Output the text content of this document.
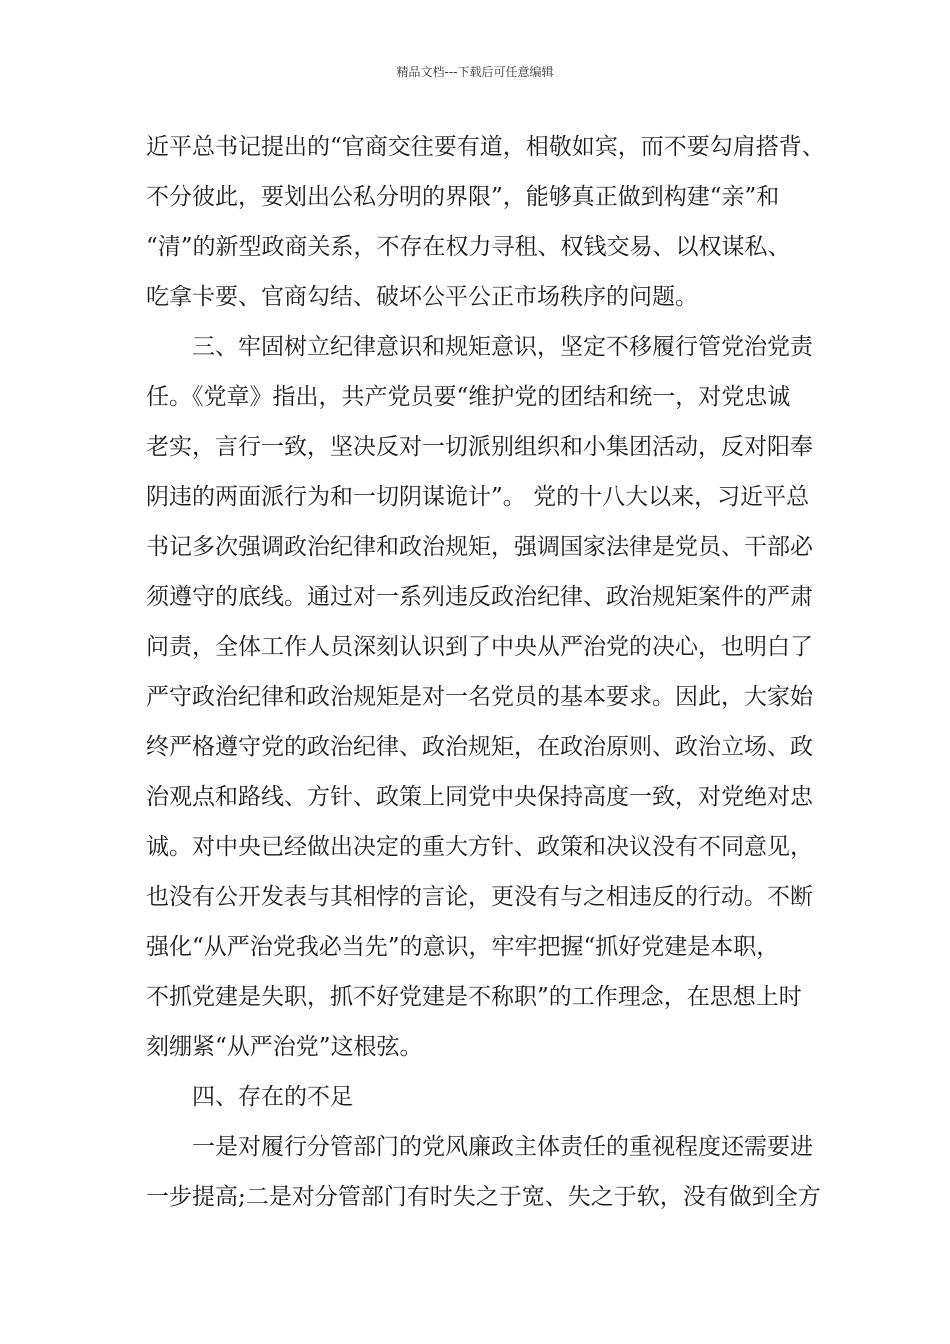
精品文档---下载后可任意编辑
近平总书记提出的“官商交往要有道，相敬如宾，而不要勾肩搭背、
不分彼此，要划出公私分明的界限”，能够真正做到构建“亲”和
“清”的新型政商关系，不存在权力寻租、权钱交易、以权谋私、
吃拿卡要、官商勾结、破坏公平公正市场秩序的问题。
三、牢固树立纪律意识和规矩意识，坚定不移履行管党治党责
任。《党章》指出，共产党员要“维护党的团结和统一，对党忠诚
老实，言行一致，坚决反对一切派别组织和小集团活动，反对阳奉
阴违的两面派行为和一切阴谋诡计”。 党的十八大以来，习近平总
书记多次强调政治纪律和政治规矩，强调国家法律是党员、干部必
须遵守的底线。通过对一系列违反政治纪律、政治规矩案件的严肃
问责，全体工作人员深刻认识到了中央从严治党的决心，也明白了
严守政治纪律和政治规矩是对一名党员的基本要求。因此，大家始
终严格遵守党的政治纪律、政治规矩，在政治原则、政治立场、政
治观点和路线、方针、政策上同党中央保持高度一致，对党绝对忠
诚。对中央已经做出决定的重大方针、政策和决议没有不同意见，
也没有公开发表与其相悖的言论，更没有与之相违反的行动。不断
强化“从严治党我必当先”的意识，牢牢把握“抓好党建是本职，
不抓党建是失职，抓不好党建是不称职”的工作理念，在思想上时
刻绷紧“从严治党”这根弦。
四、存在的不足
一是对履行分管部门的党风廉政主体责任的重视程度还需要进
一步提高;二是对分管部门有时失之于宽、失之于软，没有做到全方
